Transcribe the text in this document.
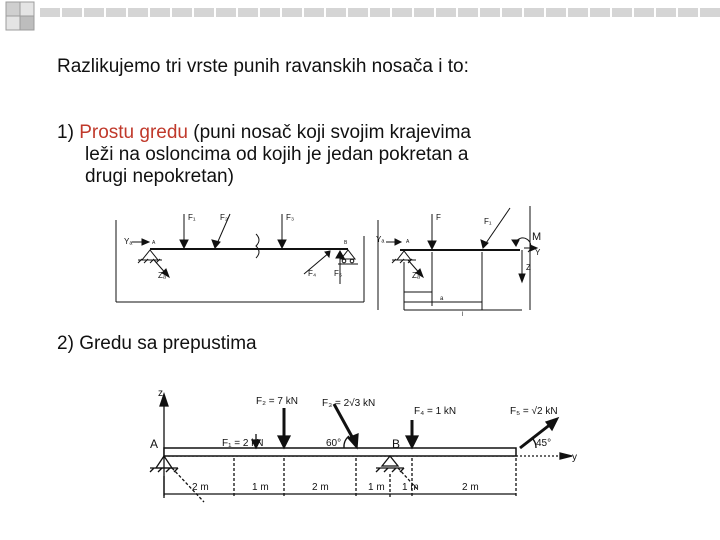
Razlikujemo tri vrste punih ravanskih nosača i to:
1) Prostu gredu (puni nosač koji svojim krajevima
leži na osloncima od kojih je jedan pokretan a
drugi nepokretan)
2) Gredu sa prepustima
F₁	F₂	F₃
F₄ F₅
A	B
Yₐ
Zₐ
F	F₁
M
Yₐ
Zₐ
Z
Y
A
a
l
z
y
A	B
F₁ = 2 kN
F₂ = 7 kN F₃ = 2√3 kN
F₄ = 1 kN	F₅ = √2 kN
60°	45°
2 m	1 m	2 m	1 m 1 m	2 m
